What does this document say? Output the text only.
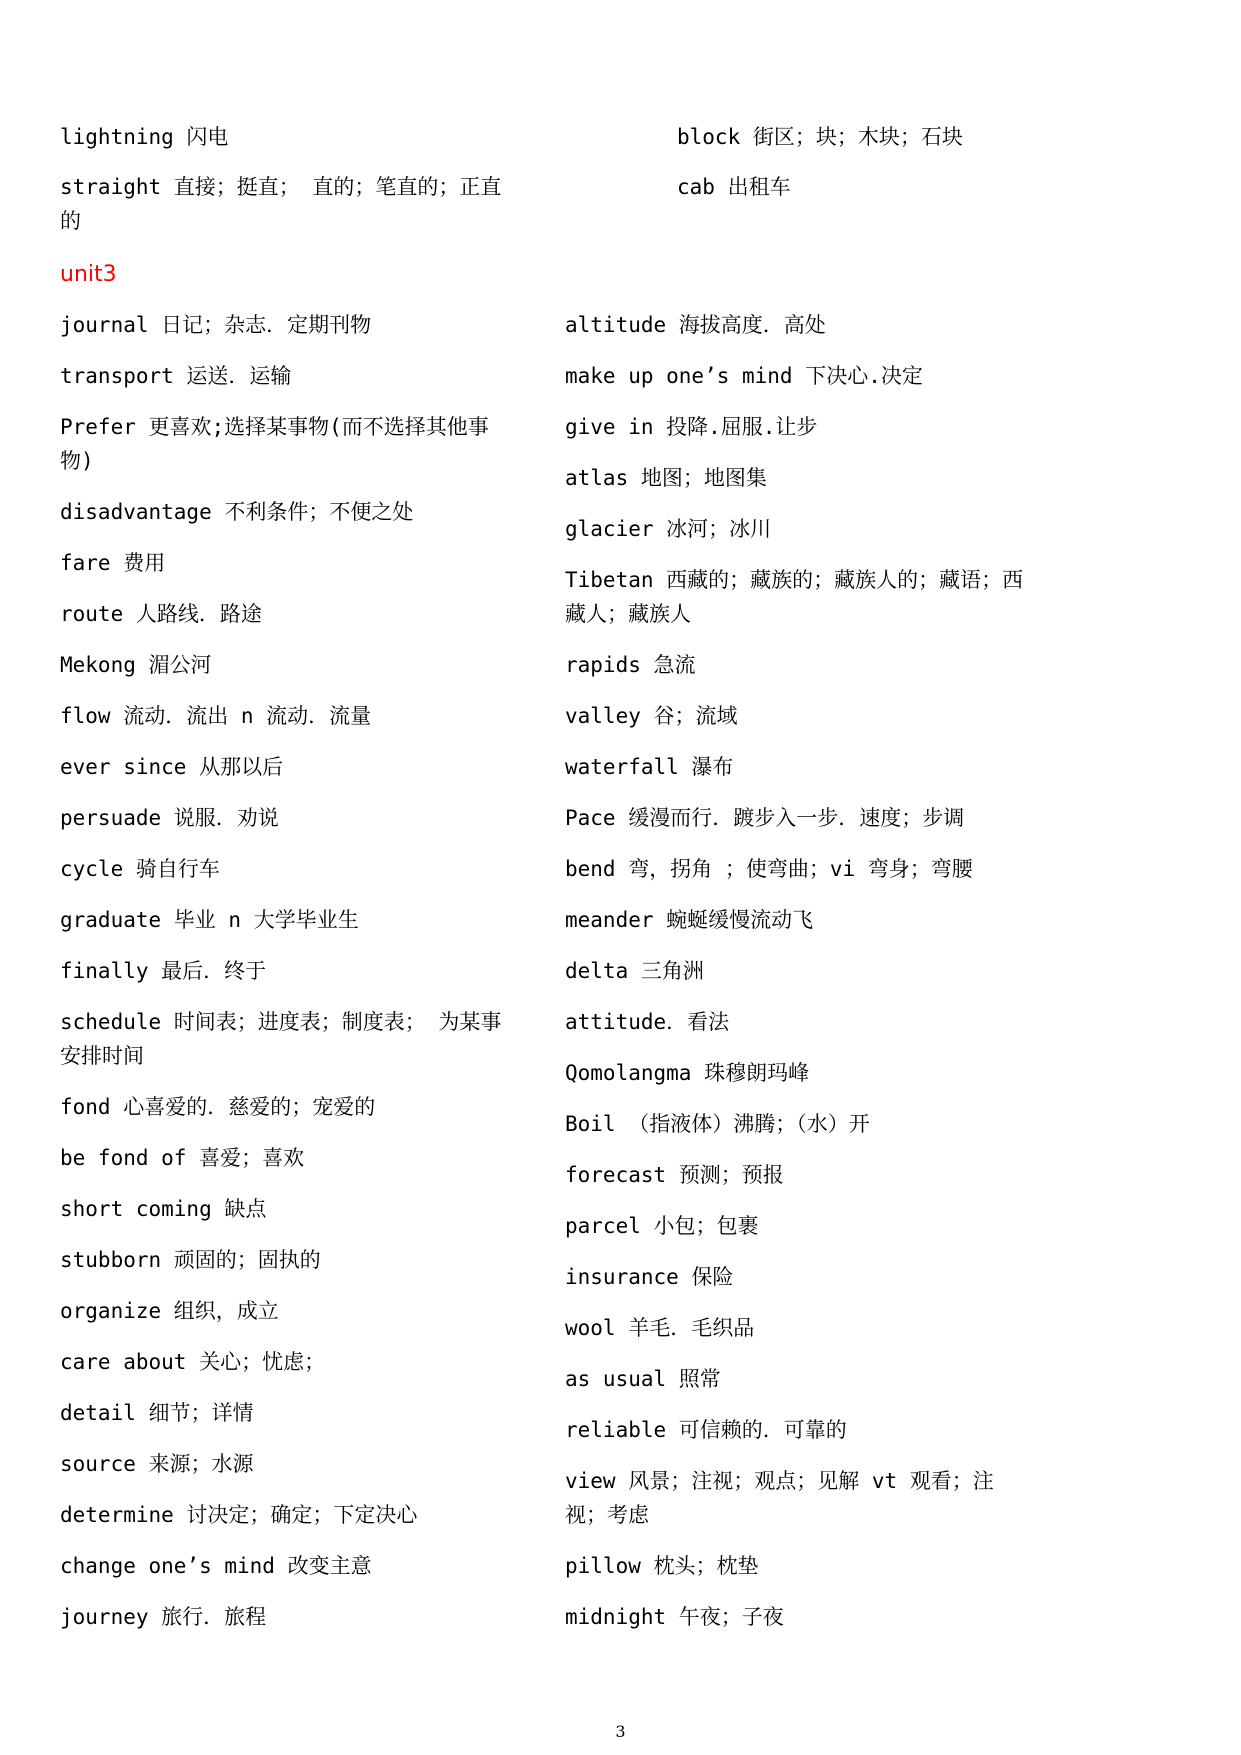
lightning 闪电
straight 直接；挺直； 直的；笔直的；正直的
block 街区；块；木块；石块
cab 出租车
unit3
journal 日记；杂志．定期刊物
transport 运送．运输
Prefer 更喜欢;选择某事物(而不选择其他事物)
disadvantage 不利条件；不便之处
fare 费用
route 人路线．路途
Mekong 湄公河
flow 流动．流出 n 流动．流量
ever since 从那以后
persuade 说服．劝说
cycle 骑自行车
graduate 毕业 n 大学毕业生
finally 最后．终于
schedule 时间表；进度表；制度表； 为某事安排时间
fond 心喜爱的．慈爱的；宠爱的
be fond of 喜爱；喜欢
short coming 缺点
stubborn 顽固的；固执的
organize 组织，成立
care about 关心；忧虑；
detail 细节；详情
source 来源；水源
determine 讨决定；确定；下定决心
change one’s mind 改变主意
journey 旅行．旅程
altitude 海拔高度．高处
make up one’s mind 下决心.决定
give in 投降.屈服.让步
atlas 地图；地图集
glacier 冰河；冰川
Tibetan 西藏的；藏族的；藏族人的；藏语；西藏人；藏族人
rapids 急流
valley 谷；流域
waterfall 瀑布
Pace 缓漫而行．踱步入一步．速度；步调
bend 弯，拐角 ；使弯曲；vi 弯身；弯腰
meander 蜿蜒缓慢流动飞
delta 三角洲
attitude．看法
Qomolangma 珠穆朗玛峰
Boil （指液体）沸腾；（水）开
forecast 预测；预报
parcel 小包；包裹
insurance 保险
wool 羊毛．毛织品
as usual 照常
reliable 可信赖的．可靠的
view 风景；注视；观点；见解 vt 观看；注视；考虑
pillow 枕头；枕垫
midnight 午夜；子夜
3
